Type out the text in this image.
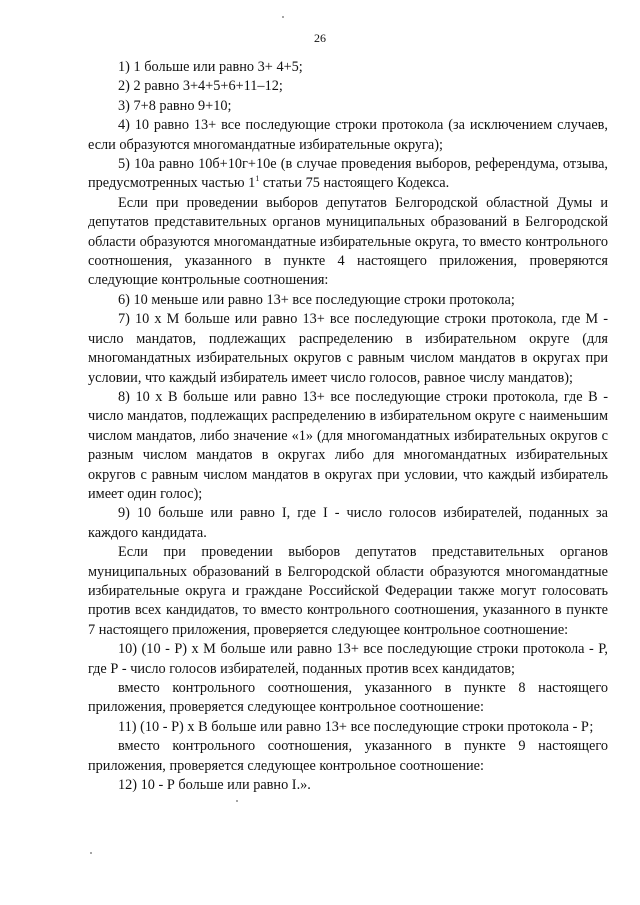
26

1) 1 больше или равно 3+ 4+5;

2) 2 равно 3+4+5+6+11–12;

3) 7+8 равно 9+10;

4) 10 равно 13+ все последующие строки протокола (за исключением случаев, если образуются многомандатные избирательные округа);

5) 10а равно 10б+10г+10е (в случае проведения выборов, референдума, отзыва, предусмотренных частью $1^1$ статьи 75 настоящего Кодекса.

Если при проведении выборов депутатов Белгородской областной Думы и депутатов представительных органов муниципальных образований в Белгородской области образуются многомандатные избирательные округа, то вместо контрольного соотношения, указанного в пункте 4 настоящего приложения, проверяются следующие контрольные соотношения:

6) 10 меньше или равно 13+ все последующие строки протокола;

7) 10 х М больше или равно 13+ все последующие строки протокола, где М - число мандатов, подлежащих распределению в избирательном округе (для многомандатных избирательных округов с равным числом мандатов в округах при условии, что каждый избиратель имеет число голосов, равное числу мандатов);

8) 10 х В больше или равно 13+ все последующие строки протокола, где В - число мандатов, подлежащих распределению в избирательном округе с наименьшим числом мандатов, либо значение «1» (для многомандатных избирательных округов с разным числом мандатов в округах либо для многомандатных избирательных округов с равным числом мандатов в округах при условии, что каждый избиратель имеет один голос);

9) 10 больше или равно I, где I - число голосов избирателей, поданных за каждого кандидата.

Если при проведении выборов депутатов представительных органов муниципальных образований в Белгородской области образуются многомандатные избирательные округа и граждане Российской Федерации также могут голосовать против всех кандидатов, то вместо контрольного соотношения, указанного в пункте 7 настоящего приложения, проверяется следующее контрольное соотношение:

10) (10 - Р) х М больше или равно 13+ все последующие строки протокола - Р, где Р - число голосов избирателей, поданных против всех кандидатов;

вместо контрольного соотношения, указанного в пункте 8 настоящего приложения, проверяется следующее контрольное соотношение:

11) (10 - Р) х В больше или равно 13+ все последующие строки протокола - Р;

вместо контрольного соотношения, указанного в пункте 9 настоящего приложения, проверяется следующее контрольное соотношение:

12) 10 - Р больше или равно I.».
